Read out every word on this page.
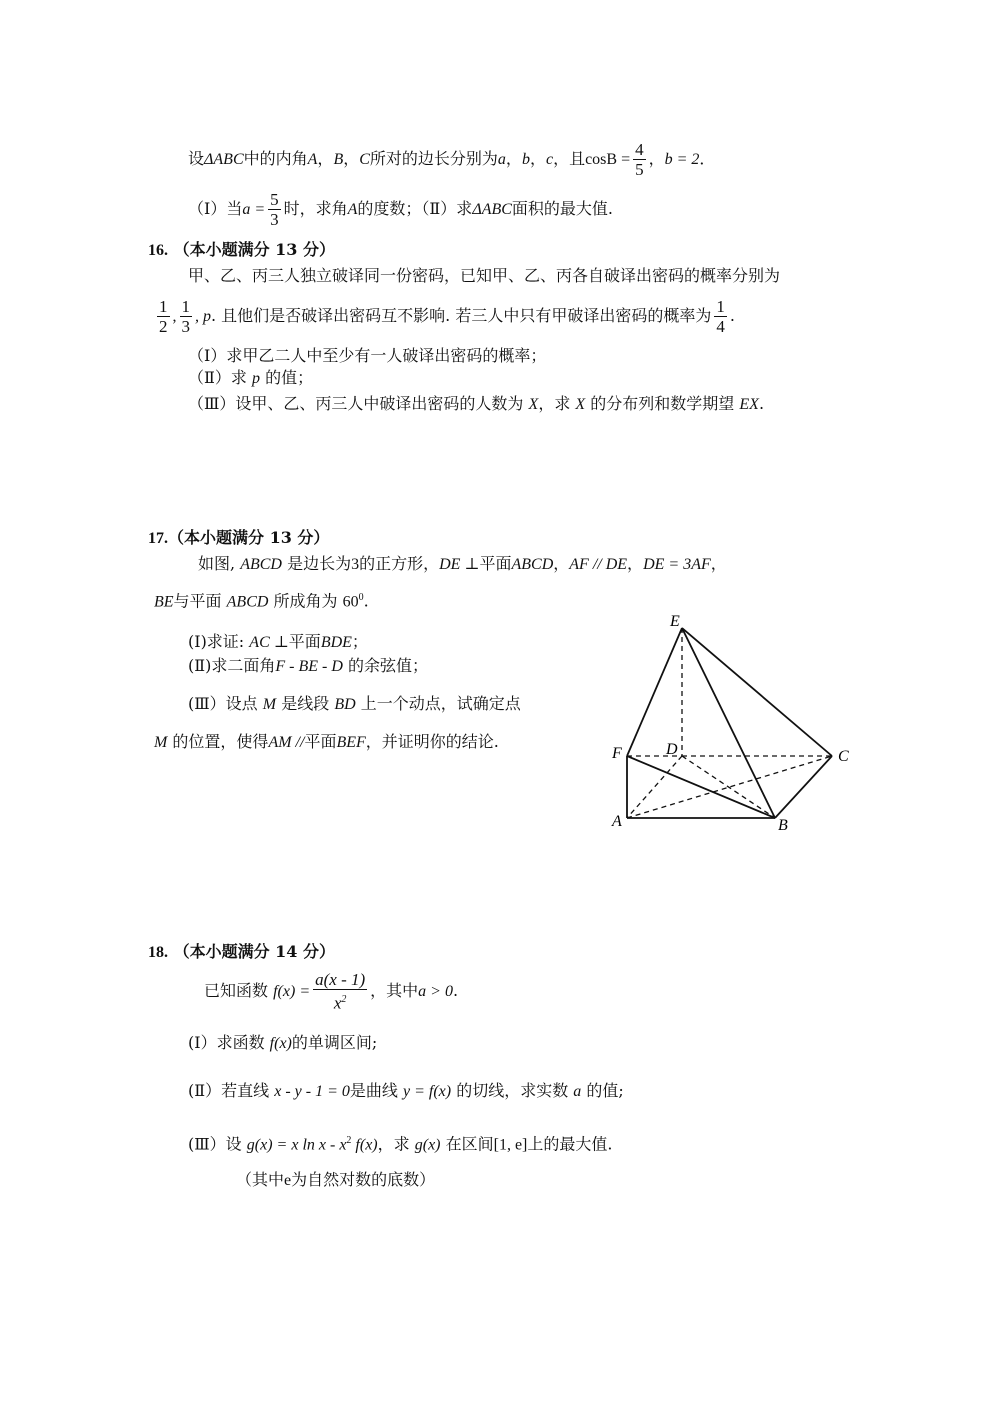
设ΔABC中的内角A，B，C所对的边长分别为a，b，c，且$\cos B = \frac{4}{5}$ ，b = 2．
（Ⅰ）当$a = \frac{5}{3}$ 时，求角A的度数；（Ⅱ）求ΔABC面积的最大值.
16. （本小题满分 13 分）
甲、乙、丙三人独立破译同一份密码，已知甲、乙、丙各自破译出密码的概率分别为
$\frac{1}{2}$ , $\frac{1}{3}$ , p. 且他们是否破译出密码互不影响. 若三人中只有甲破译出密码的概率为 $\frac{1}{4}$ .
（Ⅰ）求甲乙二人中至少有一人破译出密码的概率；
（Ⅱ）求 p 的值；
（Ⅲ）设甲、乙、丙三人中破译出密码的人数为 X，求 X 的分布列和数学期望 EX.
17.（本小题满分 13 分）
如图, ABCD 是边长为3的正方形，DE ⊥平面ABCD，AF // DE，DE = 3AF，
BE与平面 ABCD 所成角为 $60^0$.
(Ⅰ)求证: AC ⊥平面BDE；
(Ⅱ)求二面角F - BE - D 的余弦值；
(Ⅲ）设点 M 是线段 BD 上一个动点，试确定点
M 的位置，使得AM //平面BEF，并证明你的结论.
E
F	D	C
A	B
18. （本小题满分 14 分）
已知函数 $f(x) = \frac{a(x - 1)}{x^2}$ ，其中a > 0.
(Ⅰ）求函数 f(x)的单调区间;
(Ⅱ）若直线 x - y - 1 = 0是曲线 y = f(x) 的切线，求实数 a 的值;
(Ⅲ）设 g(x) = x ln x - $x^2$ f(x)，求 g(x) 在区间[1, e]上的最大值.
（其中e为自然对数的底数）
